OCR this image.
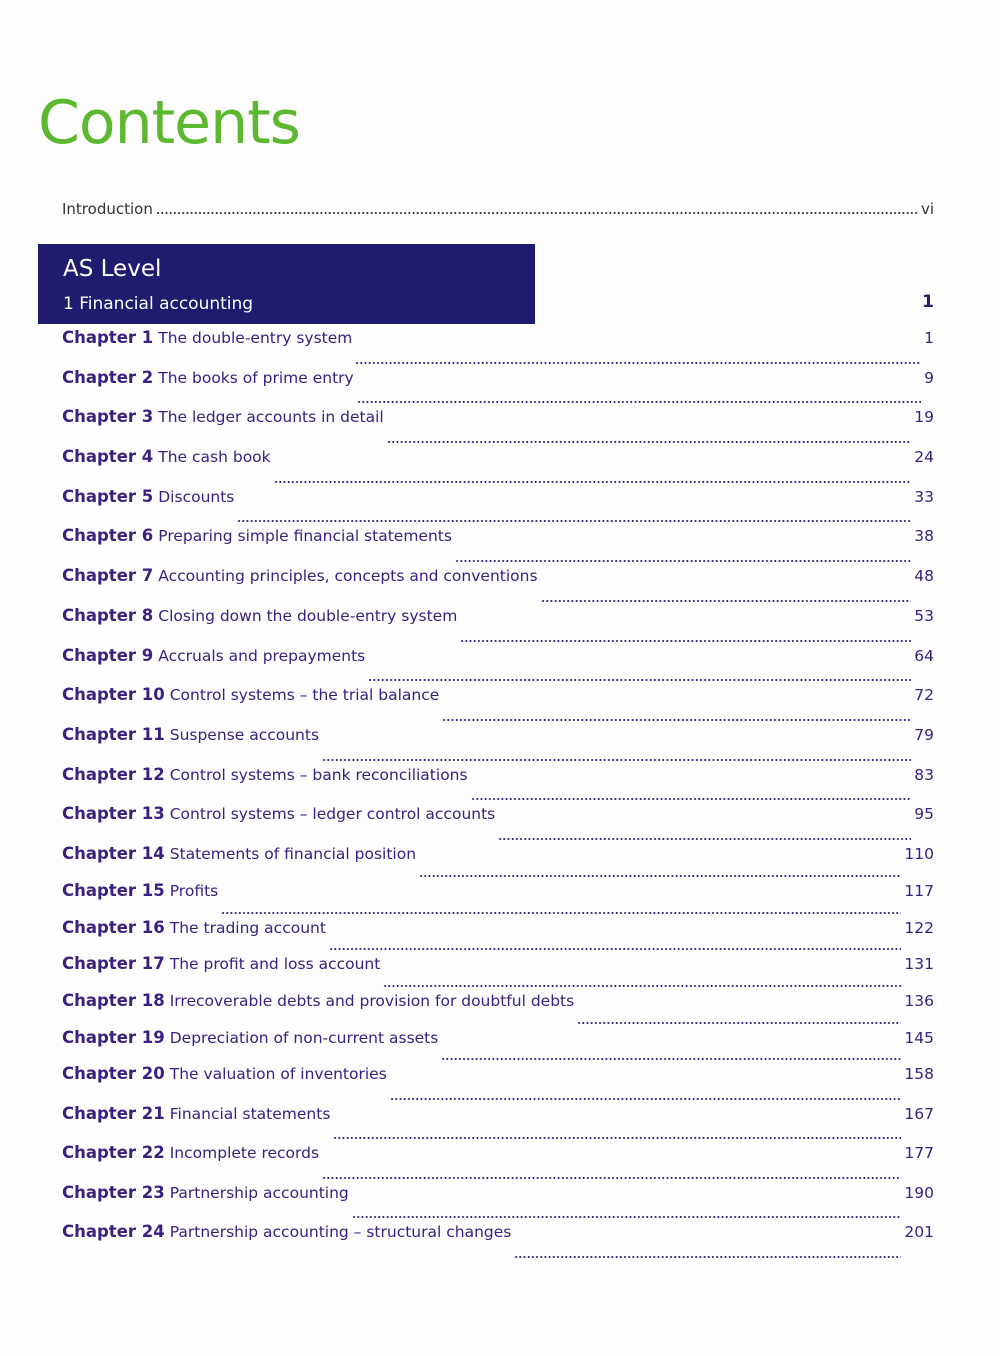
Contents
Introduction	vi
AS Level
1 Financial accounting	1
Chapter 1 The double-entry system	1
Chapter 2 The books of prime entry	9
Chapter 3 The ledger accounts in detail	19
Chapter 4 The cash book	24
Chapter 5 Discounts	33
Chapter 6 Preparing simple financial statements	38
Chapter 7 Accounting principles, concepts and conventions	48
Chapter 8 Closing down the double-entry system	53
Chapter 9 Accruals and prepayments	64
Chapter 10 Control systems – the trial balance	72
Chapter 11 Suspense accounts	79
Chapter 12 Control systems – bank reconciliations	83
Chapter 13 Control systems – ledger control accounts	95
Chapter 14 Statements of financial position	110
Chapter 15 Profits	117
Chapter 16 The trading account	122
Chapter 17 The profit and loss account	131
Chapter 18 Irrecoverable debts and provision for doubtful debts	136
Chapter 19 Depreciation of non-current assets	145
Chapter 20 The valuation of inventories	158
Chapter 21 Financial statements	167
Chapter 22 Incomplete records	177
Chapter 23 Partnership accounting	190
Chapter 24 Partnership accounting – structural changes	201
